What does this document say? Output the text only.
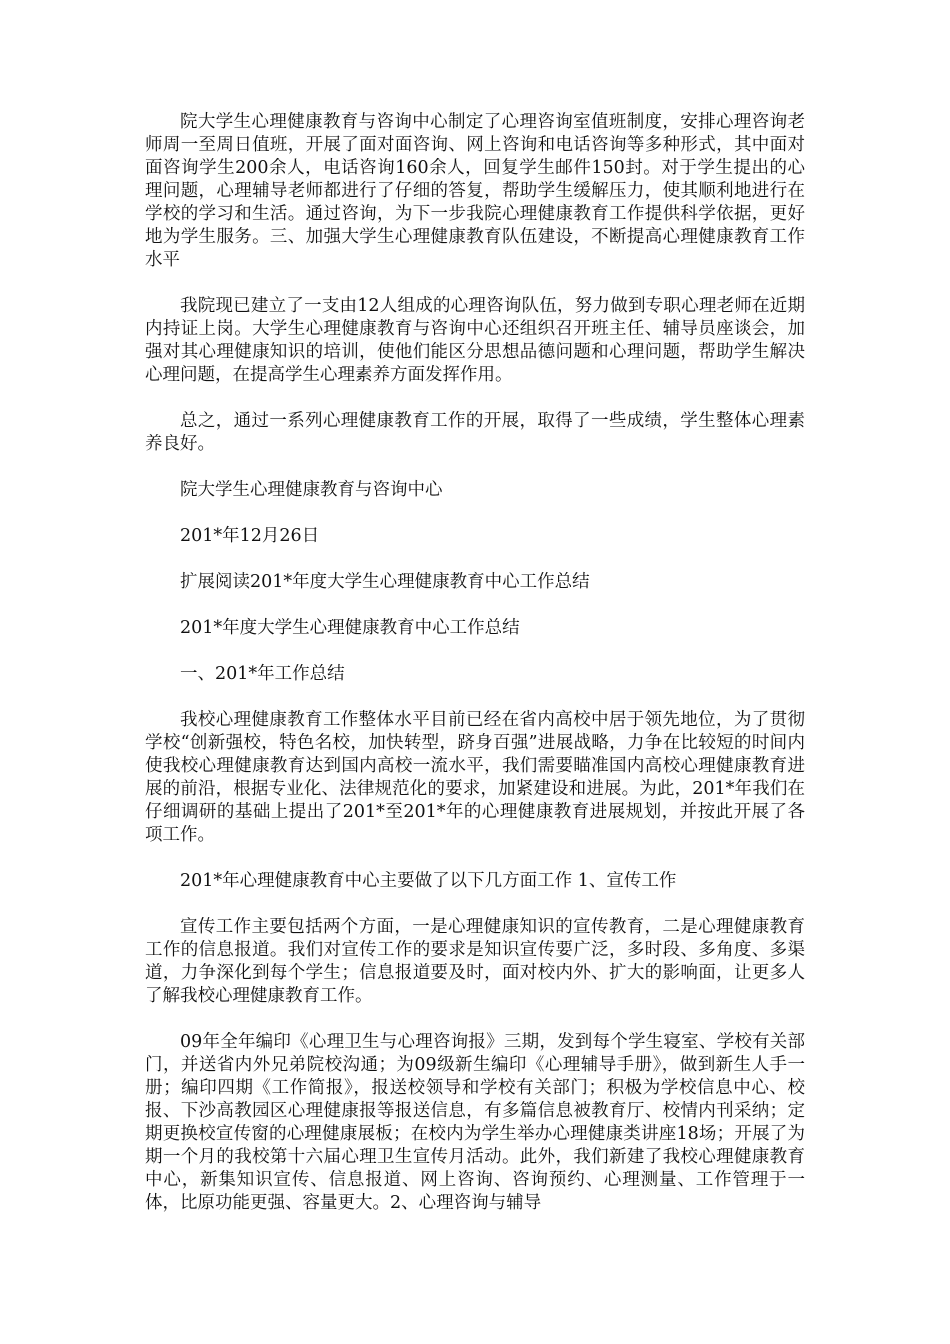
院大学生心理健康教育与咨询中心制定了心理咨询室值班制度，安排心理咨询老师周一至周日值班，开展了面对面咨询、网上咨询和电话咨询等多种形式，其中面对面咨询学生200余人，电话咨询160余人，回复学生邮件150封。对于学生提出的心理问题，心理辅导老师都进行了仔细的答复，帮助学生缓解压力，使其顺利地进行在学校的学习和生活。通过咨询，为下一步我院心理健康教育工作提供科学依据，更好地为学生服务。三、加强大学生心理健康教育队伍建设，不断提高心理健康教育工作水平

我院现已建立了一支由12人组成的心理咨询队伍，努力做到专职心理老师在近期内持证上岗。大学生心理健康教育与咨询中心还组织召开班主任、辅导员座谈会，加强对其心理健康知识的培训，使他们能区分思想品德问题和心理问题，帮助学生解决心理问题，在提高学生心理素养方面发挥作用。

总之，通过一系列心理健康教育工作的开展，取得了一些成绩，学生整体心理素养良好。

院大学生心理健康教育与咨询中心

201*年12月26日

扩展阅读201*年度大学生心理健康教育中心工作总结

201*年度大学生心理健康教育中心工作总结

一、201*年工作总结

我校心理健康教育工作整体水平目前已经在省内高校中居于领先地位，为了贯彻学校“创新强校，特色名校，加快转型，跻身百强”进展战略，力争在比较短的时间内使我校心理健康教育达到国内高校一流水平，我们需要瞄准国内高校心理健康教育进展的前沿，根据专业化、法律规范化的要求，加紧建设和进展。为此，201*年我们在仔细调研的基础上提出了201*至201*年的心理健康教育进展规划，并按此开展了各项工作。

201*年心理健康教育中心主要做了以下几方面工作 1、宣传工作

宣传工作主要包括两个方面，一是心理健康知识的宣传教育，二是心理健康教育工作的信息报道。我们对宣传工作的要求是知识宣传要广泛，多时段、多角度、多渠道，力争深化到每个学生；信息报道要及时，面对校内外、扩大的影响面，让更多人了解我校心理健康教育工作。

09年全年编印《心理卫生与心理咨询报》三期，发到每个学生寝室、学校有关部门，并送省内外兄弟院校沟通；为09级新生编印《心理辅导手册》，做到新生人手一册；编印四期《工作简报》，报送校领导和学校有关部门；积极为学校信息中心、校报、下沙高教园区心理健康报等报送信息，有多篇信息被教育厅、校情内刊采纳；定期更换校宣传窗的心理健康展板；在校内为学生举办心理健康类讲座18场；开展了为期一个月的我校第十六届心理卫生宣传月活动。此外，我们新建了我校心理健康教育中心，新集知识宣传、信息报道、网上咨询、咨询预约、心理测量、工作管理于一体，比原功能更强、容量更大。2、心理咨询与辅导
